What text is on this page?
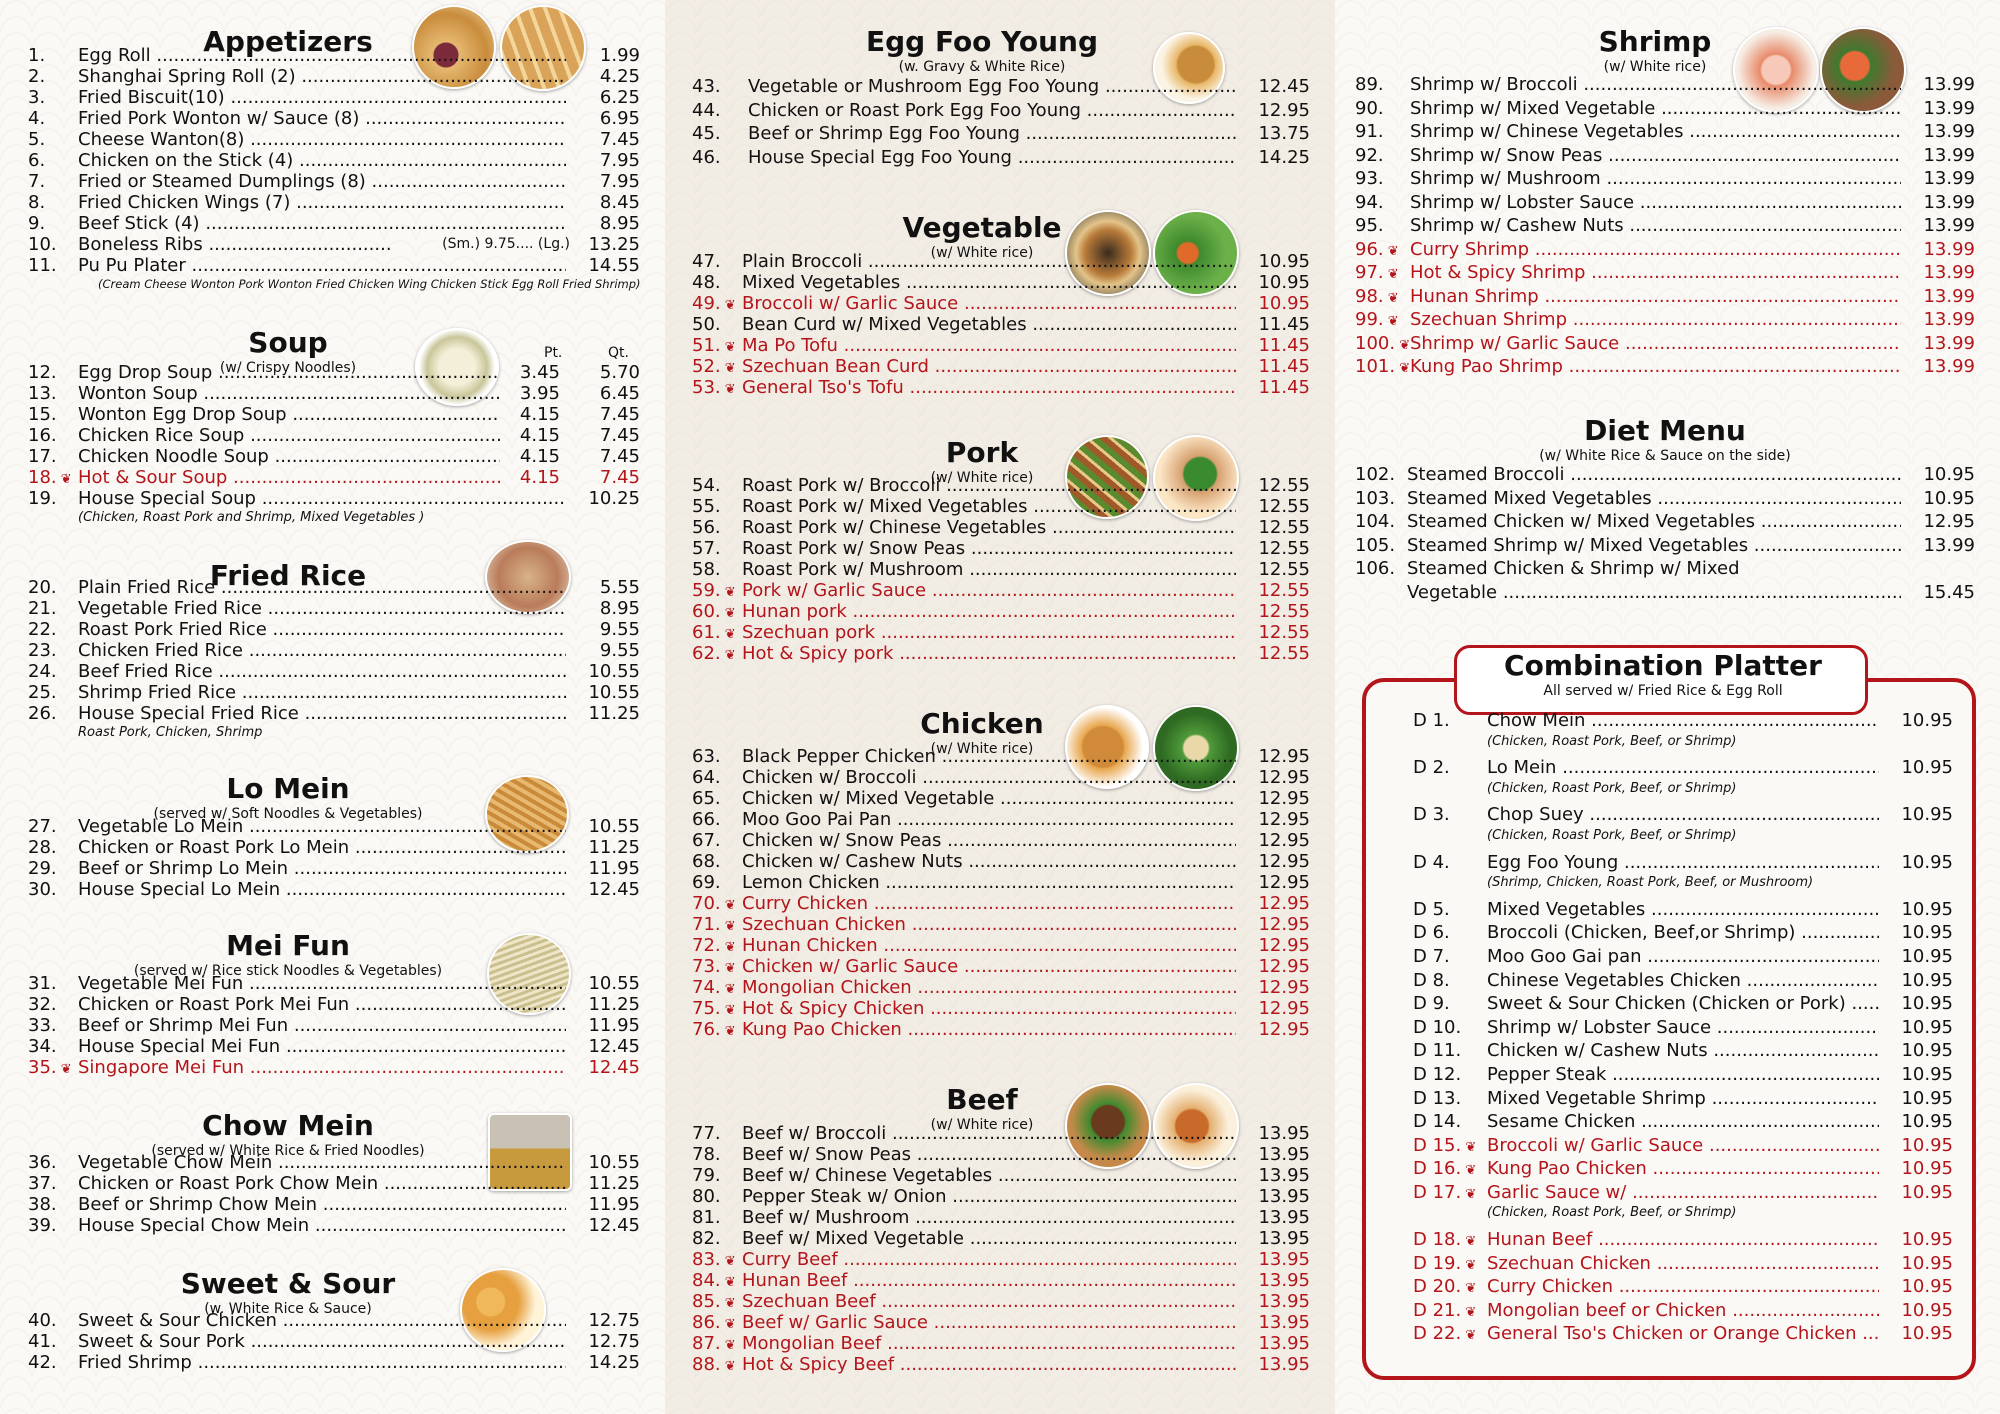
Appetizers
1.	Egg Roll .....	1.99
2.	Shanghai Spring Roll (2) .....	4.25
3.	Fried Biscuit(10) .....	6.25
4.	Fried Pork Wonton w/ Sauce (8) .....	6.95
5.	Cheese Wanton(8) .....	7.45
6.	Chicken on the Stick (4) .....	7.95
7.	Fried or Steamed Dumplings (8) .....	7.95
8.	Fried Chicken Wings (7) .....	8.45
9.	Beef Stick (4) .....	8.95
10.	Boneless Ribs .....	(Sm.) 9.75.... (Lg.) 13.25
11.	Pu Pu Plater .....	14.55
(Cream Cheese Wonton Pork Wonton Fried Chicken Wing Chicken Stick Egg Roll Fried Shrimp)
Soup
(w/ Crispy Noodles)
12.	Egg Drop Soup .....	3.45 5.70
13.	Wonton Soup .....	3.95 6.45
15.	Wonton Egg Drop Soup .....	4.15 7.45
16.	Chicken Rice Soup .....	4.15 7.45
17.	Chicken Noodle Soup .....	4.15 7.45
18. ❦ Hot & Sour Soup .....	4.15 7.45
19.	House Special Soup .....	10.25
(Chicken, Roast Pork and Shrimp, Mixed Vegetables )
Pt.	Qt.
Fried Rice
20.	Plain Fried Rice .....	5.55
21.	Vegetable Fried Rice .....	8.95
22.	Roast Pork Fried Rice .....	9.55
23.	Chicken Fried Rice .....	9.55
24.	Beef Fried Rice .....	10.55
25.	Shrimp Fried Rice .....	10.55
26.	House Special Fried Rice .....	11.25
Roast Pork, Chicken, Shrimp
Lo Mein
(served w/ Soft Noodles & Vegetables)
27.	Vegetable Lo Mein .....	10.55
28.	Chicken or Roast Pork Lo Mein .....	11.25
29.	Beef or Shrimp Lo Mein .....	11.95
30.	House Special Lo Mein .....	12.45
Mei Fun
(served w/ Rice stick Noodles & Vegetables)
31.	Vegetable Mei Fun .....	10.55
32.	Chicken or Roast Pork Mei Fun .....	11.25
33.	Beef or Shrimp Mei Fun .....	11.95
34.	House Special Mei Fun .....	12.45
35. ❦ Singapore Mei Fun .....	12.45
Chow Mein
(served w/ White Rice & Fried Noodles)
36.	Vegetable Chow Mein .....	10.55
37.	Chicken or Roast Pork Chow Mein .....	11.25
38.	Beef or Shrimp Chow Mein .....	11.95
39.	House Special Chow Mein .....	12.45
Sweet & Sour
(w. White Rice & Sauce)
40.	Sweet & Sour Chicken .....	12.75
41.	Sweet & Sour Pork .....	12.75
42.	Fried Shrimp .....	14.25
Egg Foo Young
(w. Gravy & White Rice)
43.	Vegetable or Mushroom Egg Foo Young .....	12.45
44.	Chicken or Roast Pork Egg Foo Young .....	12.95
45.	Beef or Shrimp Egg Foo Young .....	13.75
46.	House Special Egg Foo Young .....	14.25
Vegetable
(w/ White rice)
47.	Plain Broccoli .....	10.95
48.	Mixed Vegetables .....	10.95
49. ❦ Broccoli w/ Garlic Sauce .....	10.95
50.	Bean Curd w/ Mixed Vegetables .....	11.45
51. ❦ Ma Po Tofu .....	11.45
52. ❦ Szechuan Bean Curd .....	11.45
53. ❦ General Tso's Tofu .....	11.45
Pork
(w/ White rice)
54.	Roast Pork w/ Broccoli .....	12.55
55.	Roast Pork w/ Mixed Vegetables .....	12.55
56.	Roast Pork w/ Chinese Vegetables .....	12.55
57.	Roast Pork w/ Snow Peas .....	12.55
58.	Roast Pork w/ Mushroom .....	12.55
59. ❦ Pork w/ Garlic Sauce .....	12.55
60. ❦ Hunan pork .....	12.55
61. ❦ Szechuan pork .....	12.55
62. ❦ Hot & Spicy pork .....	12.55
Chicken
(w/ White rice)
63.	Black Pepper Chicken .....	12.95
64.	Chicken w/ Broccoli .....	12.95
65.	Chicken w/ Mixed Vegetable .....	12.95
66.	Moo Goo Pai Pan .....	12.95
67.	Chicken w/ Snow Peas .....	12.95
68.	Chicken w/ Cashew Nuts .....	12.95
69.	Lemon Chicken .....	12.95
70. ❦ Curry Chicken .....	12.95
71. ❦ Szechuan Chicken .....	12.95
72. ❦ Hunan Chicken .....	12.95
73. ❦ Chicken w/ Garlic Sauce .....	12.95
74. ❦ Mongolian Chicken .....	12.95
75. ❦ Hot & Spicy Chicken .....	12.95
76. ❦ Kung Pao Chicken .....	12.95
Beef
(w/ White rice)
77.	Beef w/ Broccoli .....	13.95
78.	Beef w/ Snow Peas .....	13.95
79.	Beef w/ Chinese Vegetables .....	13.95
80.	Pepper Steak w/ Onion .....	13.95
81.	Beef w/ Mushroom .....	13.95
82.	Beef w/ Mixed Vegetable .....	13.95
83. ❦ Curry Beef .....	13.95
84. ❦ Hunan Beef .....	13.95
85. ❦ Szechuan Beef .....	13.95
86. ❦ Beef w/ Garlic Sauce .....	13.95
87. ❦ Mongolian Beef .....	13.95
88. ❦ Hot & Spicy Beef .....	13.95
Shrimp
(w/ White rice)
89.	Shrimp w/ Broccoli .....	13.99
90.	Shrimp w/ Mixed Vegetable .....	13.99
91.	Shrimp w/ Chinese Vegetables .....	13.99
92.	Shrimp w/ Snow Peas .....	13.99
93.	Shrimp w/ Mushroom .....	13.99
94.	Shrimp w/ Lobster Sauce .....	13.99
95.	Shrimp w/ Cashew Nuts .....	13.99
96. ❦ Curry Shrimp .....	13.99
97. ❦ Hot & Spicy Shrimp .....	13.99
98. ❦ Hunan Shrimp .....	13.99
99. ❦ Szechuan Shrimp .....	13.99
100. ❦ Shrimp w/ Garlic Sauce .....	13.99
101. ❦ Kung Pao Shrimp .....	13.99
Diet Menu
(w/ White Rice & Sauce on the side)
102. Steamed Broccoli .....	10.95
103. Steamed Mixed Vegetables .....	10.95
104. Steamed Chicken w/ Mixed Vegetables .....	12.95
105. Steamed Shrimp w/ Mixed Vegetables .....	13.99
106. Steamed Chicken & Shrimp w/ Mixed
Vegetable .....	15.45
Combination Platter
All served w/ Fried Rice & Egg Roll
D 1.	Chow Mein .....	10.95
(Chicken, Roast Pork, Beef, or Shrimp)
D 2.	Lo Mein .....	10.95
(Chicken, Roast Pork, Beef, or Shrimp)
D 3.	Chop Suey .....	10.95
(Chicken, Roast Pork, Beef, or Shrimp)
D 4.	Egg Foo Young .....	10.95
(Shrimp, Chicken, Roast Pork, Beef, or Mushroom)
D 5.	Mixed Vegetables .....	10.95
D 6.	Broccoli (Chicken, Beef,or Shrimp) .....	10.95
D 7.	Moo Goo Gai pan .....	10.95
D 8.	Chinese Vegetables Chicken .....	10.95
D 9.	Sweet & Sour Chicken (Chicken or Pork) .....	10.95
D 10.	Shrimp w/ Lobster Sauce .....	10.95
D 11.	Chicken w/ Cashew Nuts .....	10.95
D 12.	Pepper Steak .....	10.95
D 13.	Mixed Vegetable Shrimp .....	10.95
D 14.	Sesame Chicken .....	10.95
D 15. ❦ Broccoli w/ Garlic Sauce .....	10.95
D 16. ❦ Kung Pao Chicken .....	10.95
D 17. ❦ Garlic Sauce w/ .....	10.95
(Chicken, Roast Pork, Beef, or Shrimp)
D 18. ❦ Hunan Beef .....	10.95
D 19. ❦ Szechuan Chicken .....	10.95
D 20. ❦ Curry Chicken .....	10.95
D 21. ❦ Mongolian beef or Chicken .....	10.95
D 22. ❦ General Tso's Chicken or Orange Chicken .....	10.95
